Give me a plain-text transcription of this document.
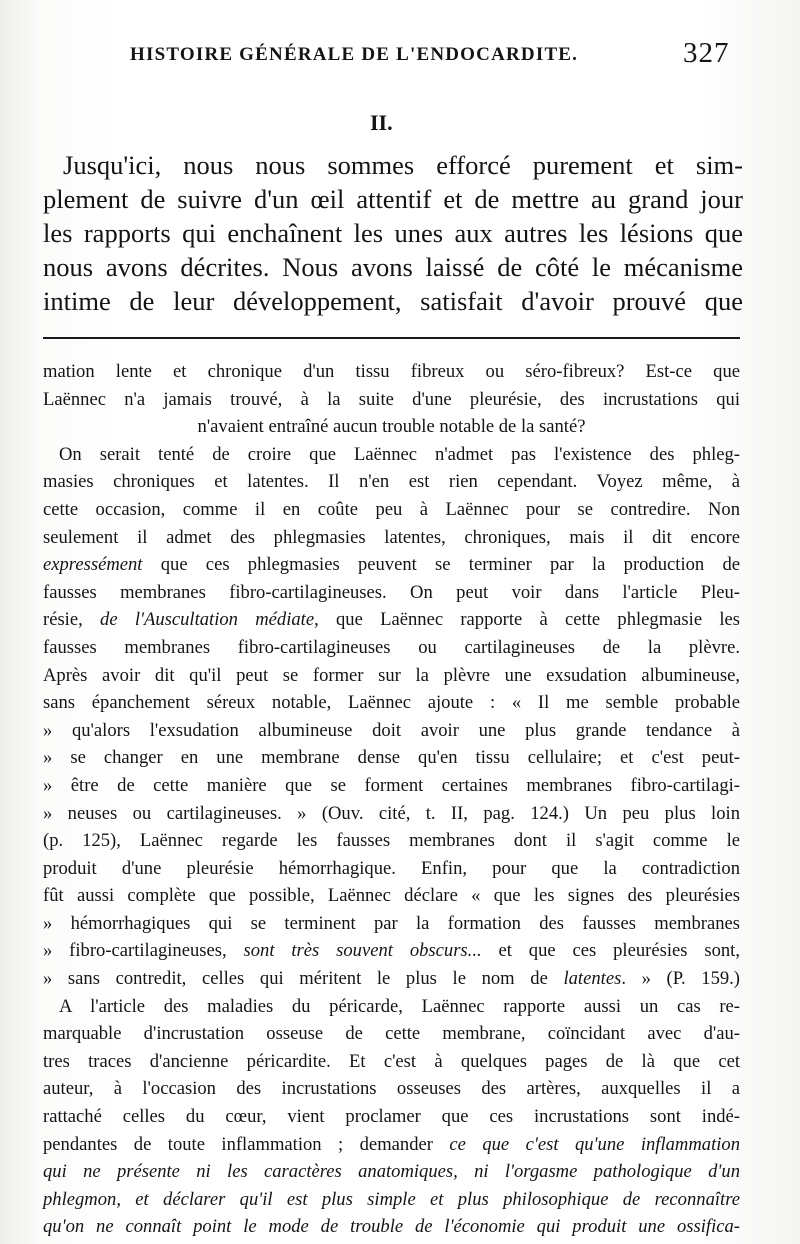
HISTOIRE GÉNÉRALE DE L'ENDOCARDITE.	327
II.
Jusqu'ici, nous nous sommes efforcé purement et sim-
plement de suivre d'un œil attentif et de mettre au grand jour
les rapports qui enchaînent les unes aux autres les lésions que
nous avons décrites. Nous avons laissé de côté le mécanisme
intime de leur développement, satisfait d'avoir prouvé que
mation lente et chronique d'un tissu fibreux ou séro-fibreux? Est-ce que
Laënnec n'a jamais trouvé, à la suite d'une pleurésie, des incrustations qui
n'avaient entraîné aucun trouble notable de la santé?
On serait tenté de croire que Laënnec n'admet pas l'existence des phleg-
masies chroniques et latentes. Il n'en est rien cependant. Voyez même, à
cette occasion, comme il en coûte peu à Laënnec pour se contredire. Non
seulement il admet des phlegmasies latentes, chroniques, mais il dit encore
expressément que ces phlegmasies peuvent se terminer par la production de
fausses membranes fibro-cartilagineuses. On peut voir dans l'article Pleu-
résie, de l'Auscultation médiate, que Laënnec rapporte à cette phlegmasie les
fausses membranes fibro-cartilagineuses ou cartilagineuses de la plèvre.
Après avoir dit qu'il peut se former sur la plèvre une exsudation albumineuse,
sans épanchement séreux notable, Laënnec ajoute : « Il me semble probable
» qu'alors l'exsudation albumineuse doit avoir une plus grande tendance à
» se changer en une membrane dense qu'en tissu cellulaire; et c'est peut-
» être de cette manière que se forment certaines membranes fibro-cartilagi-
» neuses ou cartilagineuses. » (Ouv. cité, t. II, pag. 124.) Un peu plus loin
(p. 125), Laënnec regarde les fausses membranes dont il s'agit comme le
produit d'une pleurésie hémorrhagique. Enfin, pour que la contradiction
fût aussi complète que possible, Laënnec déclare « que les signes des pleurésies
» hémorrhagiques qui se terminent par la formation des fausses membranes
» fibro-cartilagineuses, sont très souvent obscurs... et que ces pleurésies sont,
» sans contredit, celles qui méritent le plus le nom de latentes. » (P. 159.)
A l'article des maladies du péricarde, Laënnec rapporte aussi un cas re-
marquable d'incrustation osseuse de cette membrane, coïncidant avec d'au-
tres traces d'ancienne péricardite. Et c'est à quelques pages de là que cet
auteur, à l'occasion des incrustations osseuses des artères, auxquelles il a
rattaché celles du cœur, vient proclamer que ces incrustations sont indé-
pendantes de toute inflammation ; demander ce que c'est qu'une inflammation
qui ne présente ni les caractères anatomiques, ni l'orgasme pathologique d'un
phlegmon, et déclarer qu'il est plus simple et plus philosophique de reconnaître
qu'on ne connaît point le mode de trouble de l'économie qui produit une ossifica-
